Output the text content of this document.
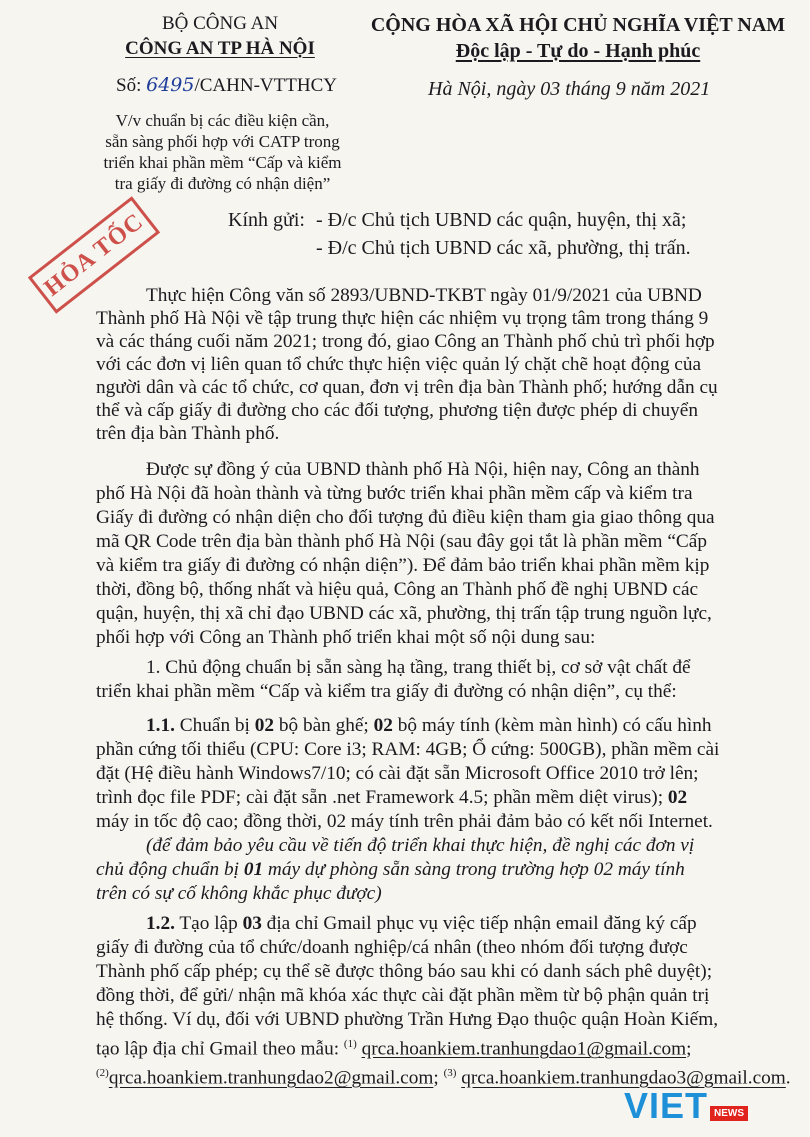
BỘ CÔNG AN
CÔNG AN TP HÀ NỘI
Số: 6495/CAHN-VTTHCY
V/v chuẩn bị các điều kiện cần,
sẵn sàng phối hợp với CATP trong
triển khai phần mềm “Cấp và kiểm
tra giấy đi đường có nhận diện”
CỘNG HÒA XÃ HỘI CHỦ NGHĨA VIỆT NAM
Độc lập - Tự do - Hạnh phúc
Hà Nội, ngày 03 tháng 9 năm 2021
HỎA TỐC	Kính gửi: - Đ/c Chủ tịch UBND các quận, huyện, thị xã;
- Đ/c Chủ tịch UBND các xã, phường, thị trấn.
Thực hiện Công văn số 2893/UBND-TKBT ngày 01/9/2021 của UBND
Thành phố Hà Nội về tập trung thực hiện các nhiệm vụ trọng tâm trong tháng 9
và các tháng cuối năm 2021; trong đó, giao Công an Thành phố chủ trì phối hợp
với các đơn vị liên quan tổ chức thực hiện việc quản lý chặt chẽ hoạt động của
người dân và các tổ chức, cơ quan, đơn vị trên địa bàn Thành phố; hướng dẫn cụ
thể và cấp giấy đi đường cho các đối tượng, phương tiện được phép di chuyển
trên địa bàn Thành phố.
Được sự đồng ý của UBND thành phố Hà Nội, hiện nay, Công an thành
phố Hà Nội đã hoàn thành và từng bước triển khai phần mềm cấp và kiểm tra
Giấy đi đường có nhận diện cho đối tượng đủ điều kiện tham gia giao thông qua
mã QR Code trên địa bàn thành phố Hà Nội (sau đây gọi tắt là phần mềm “Cấp
và kiểm tra giấy đi đường có nhận diện”). Để đảm bảo triển khai phần mềm kịp
thời, đồng bộ, thống nhất và hiệu quả, Công an Thành phố đề nghị UBND các
quận, huyện, thị xã chỉ đạo UBND các xã, phường, thị trấn tập trung nguồn lực,
phối hợp với Công an Thành phố triển khai một số nội dung sau:
1. Chủ động chuẩn bị sẵn sàng hạ tầng, trang thiết bị, cơ sở vật chất để
triển khai phần mềm “Cấp và kiểm tra giấy đi đường có nhận diện”, cụ thể:
1.1. Chuẩn bị 02 bộ bàn ghế; 02 bộ máy tính (kèm màn hình) có cấu hình
phần cứng tối thiểu (CPU: Core i3; RAM: 4GB; Ổ cứng: 500GB), phần mềm cài
đặt (Hệ điều hành Windows7/10; có cài đặt sẵn Microsoft Office 2010 trở lên;
trình đọc file PDF; cài đặt sẵn .net Framework 4.5; phần mềm diệt virus); 02
máy in tốc độ cao; đồng thời, 02 máy tính trên phải đảm bảo có kết nối Internet.
(để đảm bảo yêu cầu về tiến độ triển khai thực hiện, đề nghị các đơn vị
chủ động chuẩn bị 01 máy dự phòng sẵn sàng trong trường hợp 02 máy tính
trên có sự cố không khắc phục được)
1.2. Tạo lập 03 địa chỉ Gmail phục vụ việc tiếp nhận email đăng ký cấp
giấy đi đường của tổ chức/doanh nghiệp/cá nhân (theo nhóm đối tượng được
Thành phố cấp phép; cụ thể sẽ được thông báo sau khi có danh sách phê duyệt);
đồng thời, để gửi/ nhận mã khóa xác thực cài đặt phần mềm từ bộ phận quản trị
hệ thống. Ví dụ, đối với UBND phường Trần Hưng Đạo thuộc quận Hoàn Kiếm,
tạo lập địa chỉ Gmail theo mẫu: $^{(1)}$ qrca.hoankiem.tranhungdao1@gmail.com;
$^{(2)}$qrca.hoankiem.tranhungdao2@gmail.com; $^{(3)}$ qrca.hoankiem.tranhungdao3@gmail.com.
VIET NEWS
